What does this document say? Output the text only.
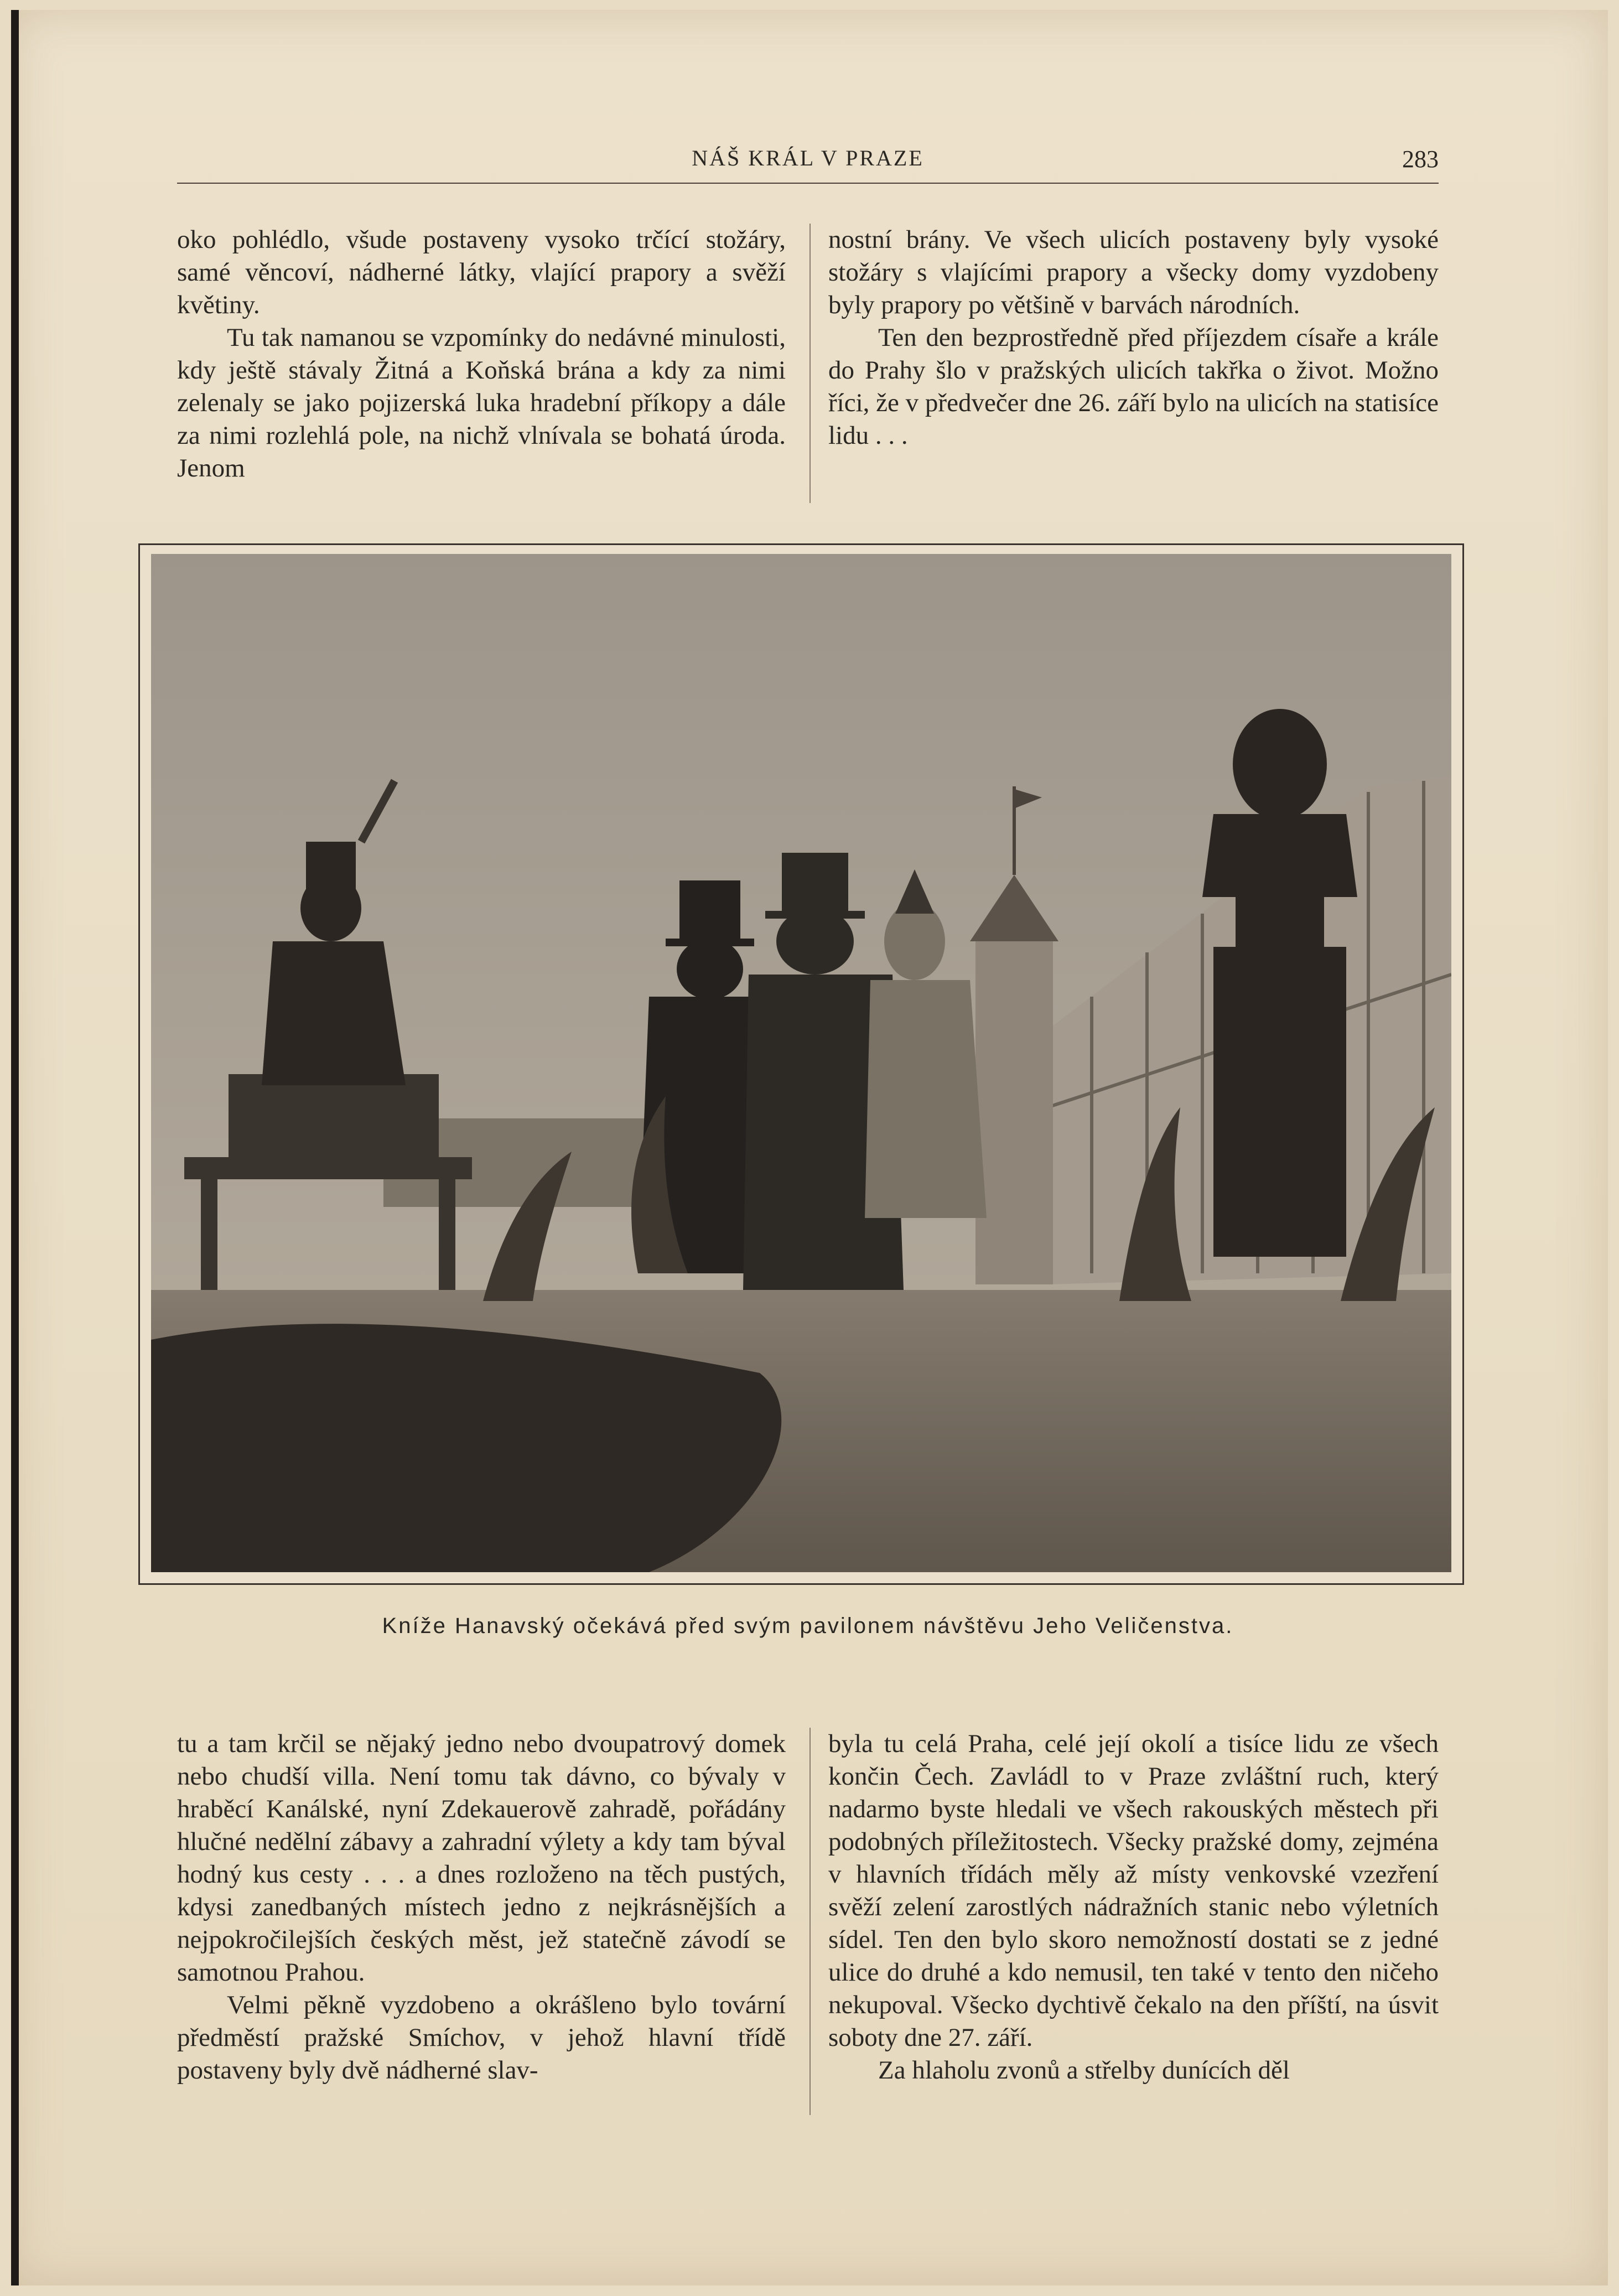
NÁŠ KRÁL V PRAZE	283

oko pohlédlo, všude postaveny vysoko trčící stožáry, samé věncoví, nádherné látky, vlající prapory a svěží květiny.

Tu tak namanou se vzpomínky do nedávné minulosti, kdy ještě stávaly Žitná a Koňská brána a kdy za nimi zelenaly se jako pojizerská luka hradební příkopy a dále za nimi rozlehlá pole, na nichž vlnívala se bohatá úroda. Jenom

nostní brány. Ve všech ulicích postaveny byly vysoké stožáry s vlajícími prapory a všecky domy vyzdobeny byly prapory po většině v barvách národních.

Ten den bezprostředně před příjezdem císaře a krále do Prahy šlo v pražských ulicích takřka o život. Možno říci, že v předvečer dne 26. září bylo na ulicích na statisíce lidu . . .

Kníže Hanavský očekává před svým pavilonem návštěvu Jeho Veličenstva.

tu a tam krčil se nějaký jedno nebo dvoupatrový domek nebo chudší villa. Není tomu tak dávno, co bývaly v hraběcí Kanálské, nyní Zdekauerově zahradě, pořádány hlučné nedělní zábavy a zahradní výlety a kdy tam býval hodný kus cesty . . . a dnes rozloženo na těch pustých, kdysi zanedbaných místech jedno z nejkrásnějších a nejpokročilejších českých měst, jež statečně závodí se samotnou Prahou.

Velmi pěkně vyzdobeno a okrášleno bylo tovární předměstí pražské Smíchov, v jehož hlavní třídě postaveny byly dvě nádherné slav-

byla tu celá Praha, celé její okolí a tisíce lidu ze všech končin Čech. Zavládl to v Praze zvláštní ruch, který nadarmo byste hledali ve všech rakouských městech při podobných příležitostech. Všecky pražské domy, zejména v hlavních třídách měly až místy venkovské vzezření svěží zelení zarostlých nádražních stanic nebo výletních sídel. Ten den bylo skoro nemožností dostati se z jedné ulice do druhé a kdo nemusil, ten také v tento den ničeho nekupoval. Všecko dychtivě čekalo na den příští, na úsvit soboty dne 27. září.

Za hlaholu zvonů a střelby dunících děl
